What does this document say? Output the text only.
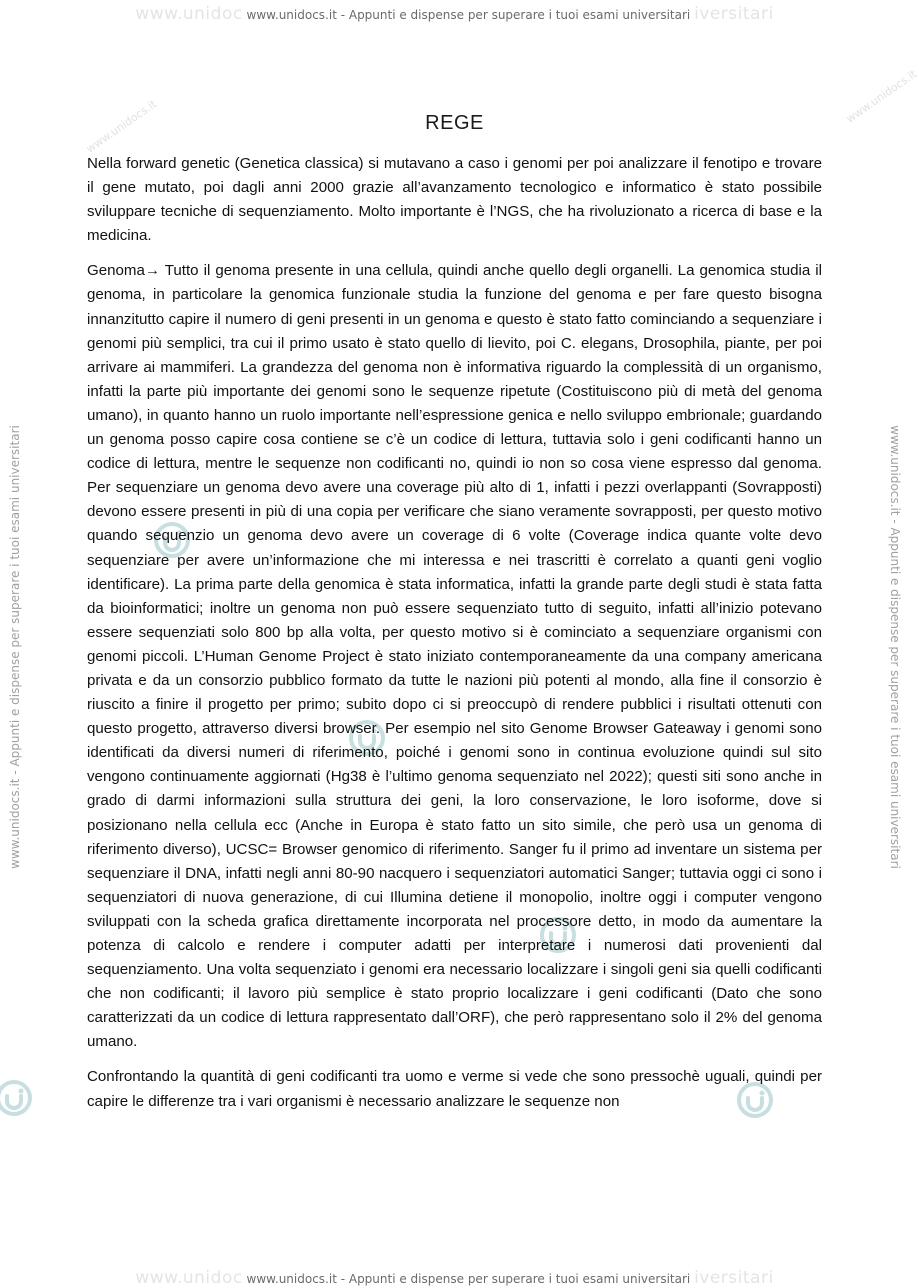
www.unidoc www.unidocs.it - Appunti e dispense per superare i tuoi esami universitari iversitari
www.unidocs.it - Appunti e dispense per superare i tuoi esami universitari	www.unidocs.it - Appunti e dispense per superare i tuoi esami universitari
www.unidocs.it
www.unidocs.it
REGE

Nella forward genetic (Genetica classica) si mutavano a caso i genomi per poi analizzare il fenotipo e trovare il gene mutato, poi dagli anni 2000 grazie all’avanzamento tecnologico e informatico è stato possibile sviluppare tecniche di sequenziamento. Molto importante è l’NGS, che ha rivoluzionato a ricerca di base e la medicina.

Genoma→ Tutto il genoma presente in una cellula, quindi anche quello degli organelli. La genomica studia il genoma, in particolare la genomica funzionale studia la funzione del genoma e per fare questo bisogna innanzitutto capire il numero di geni presenti in un genoma e questo è stato fatto cominciando a sequenziare i genomi più semplici, tra cui il primo usato è stato quello di lievito, poi C. elegans, Drosophila, piante, per poi arrivare ai mammiferi. La grandezza del genoma non è informativa riguardo la complessità di un organismo, infatti la parte più importante dei genomi sono le sequenze ripetute (Costituiscono più di metà del genoma umano), in quanto hanno un ruolo importante nell’espressione genica e nello sviluppo embrionale; guardando un genoma posso capire cosa contiene se c’è un codice di lettura, tuttavia solo i geni codificanti hanno un codice di lettura, mentre le sequenze non codificanti no, quindi io non so cosa viene espresso dal genoma. Per sequenziare un genoma devo avere una coverage più alto di 1, infatti i pezzi overlappanti (Sovrapposti) devono essere presenti in più di una copia per verificare che siano veramente sovrapposti, per questo motivo quando sequenzio un genoma devo avere un coverage di 6 volte (Coverage indica quante volte devo sequenziare per avere un’informazione che mi interessa e nei trascritti è correlato a quanti geni voglio identificare). La prima parte della genomica è stata informatica, infatti la grande parte degli studi è stata fatta da bioinformatici; inoltre un genoma non può essere sequenziato tutto di seguito, infatti all’inizio potevano essere sequenziati solo 800 bp alla volta, per questo motivo si è cominciato a sequenziare organismi con genomi piccoli. L’Human Genome Project è stato iniziato contemporaneamente da una company americana privata e da un consorzio pubblico formato da tutte le nazioni più potenti al mondo, alla fine il consorzio è riuscito a finire il progetto per primo; subito dopo ci si preoccupò di rendere pubblici i risultati ottenuti con questo progetto, attraverso diversi browser. Per esempio nel sito Genome Browser Gateaway i genomi sono identificati da diversi numeri di riferimento, poiché i genomi sono in continua evoluzione quindi sul sito vengono continuamente aggiornati (Hg38 è l’ultimo genoma sequenziato nel 2022); questi siti sono anche in grado di darmi informazioni sulla struttura dei geni, la loro conservazione, le loro isoforme, dove si posizionano nella cellula ecc (Anche in Europa è stato fatto un sito simile, che però usa un genoma di riferimento diverso), UCSC= Browser genomico di riferimento. Sanger fu il primo ad inventare un sistema per sequenziare il DNA, infatti negli anni 80-90 nacquero i sequenziatori automatici Sanger; tuttavia oggi ci sono i sequenziatori di nuova generazione, di cui Illumina detiene il monopolio, inoltre oggi i computer vengono sviluppati con la scheda grafica direttamente incorporata nel processore detto, in modo da aumentare la potenza di calcolo e rendere i computer adatti per interpretare i numerosi dati provenienti dal sequenziamento. Una volta sequenziato i genomi era necessario localizzare i singoli geni sia quelli codificanti che non codificanti; il lavoro più semplice è stato proprio localizzare i geni codificanti (Dato che sono caratterizzati da un codice di lettura rappresentato dall’ORF), che però rappresentano solo il 2% del genoma umano.

Confrontando la quantità di geni codificanti tra uomo e verme si vede che sono pressochè uguali, quindi per capire le differenze tra i vari organismi è necessario analizzare le sequenze non

www.unidoc www.unidocs.it - Appunti e dispense per superare i tuoi esami universitari iversitari
